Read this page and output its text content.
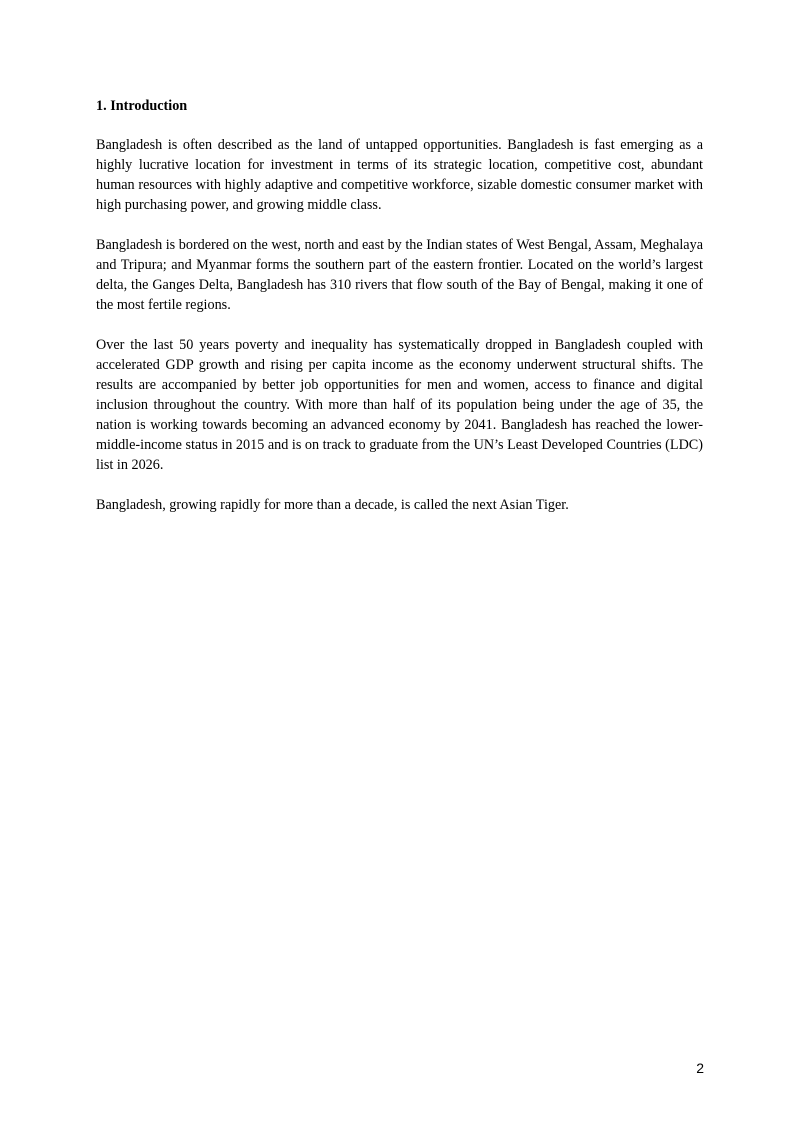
1. Introduction

Bangladesh is often described as the land of untapped opportunities. Bangladesh is fast emerging as a highly lucrative location for investment in terms of its strategic location, competitive cost, abundant human resources with highly adaptive and competitive workforce, sizable domestic consumer market with high purchasing power, and growing middle class.

Bangladesh is bordered on the west, north and east by the Indian states of West Bengal, Assam, Meghalaya and Tripura; and Myanmar forms the southern part of the eastern frontier. Located on the world’s largest delta, the Ganges Delta, Bangladesh has 310 rivers that flow south of the Bay of Bengal, making it one of the most fertile regions.

Over the last 50 years poverty and inequality has systematically dropped in Bangladesh coupled with accelerated GDP growth and rising per capita income as the economy underwent structural shifts. The results are accompanied by better job opportunities for men and women, access to finance and digital inclusion throughout the country. With more than half of its population being under the age of 35, the nation is working towards becoming an advanced economy by 2041. Bangladesh has reached the lower-middle-income status in 2015 and is on track to graduate from the UN’s Least Developed Countries (LDC) list in 2026.

Bangladesh, growing rapidly for more than a decade, is called the next Asian Tiger.

2
